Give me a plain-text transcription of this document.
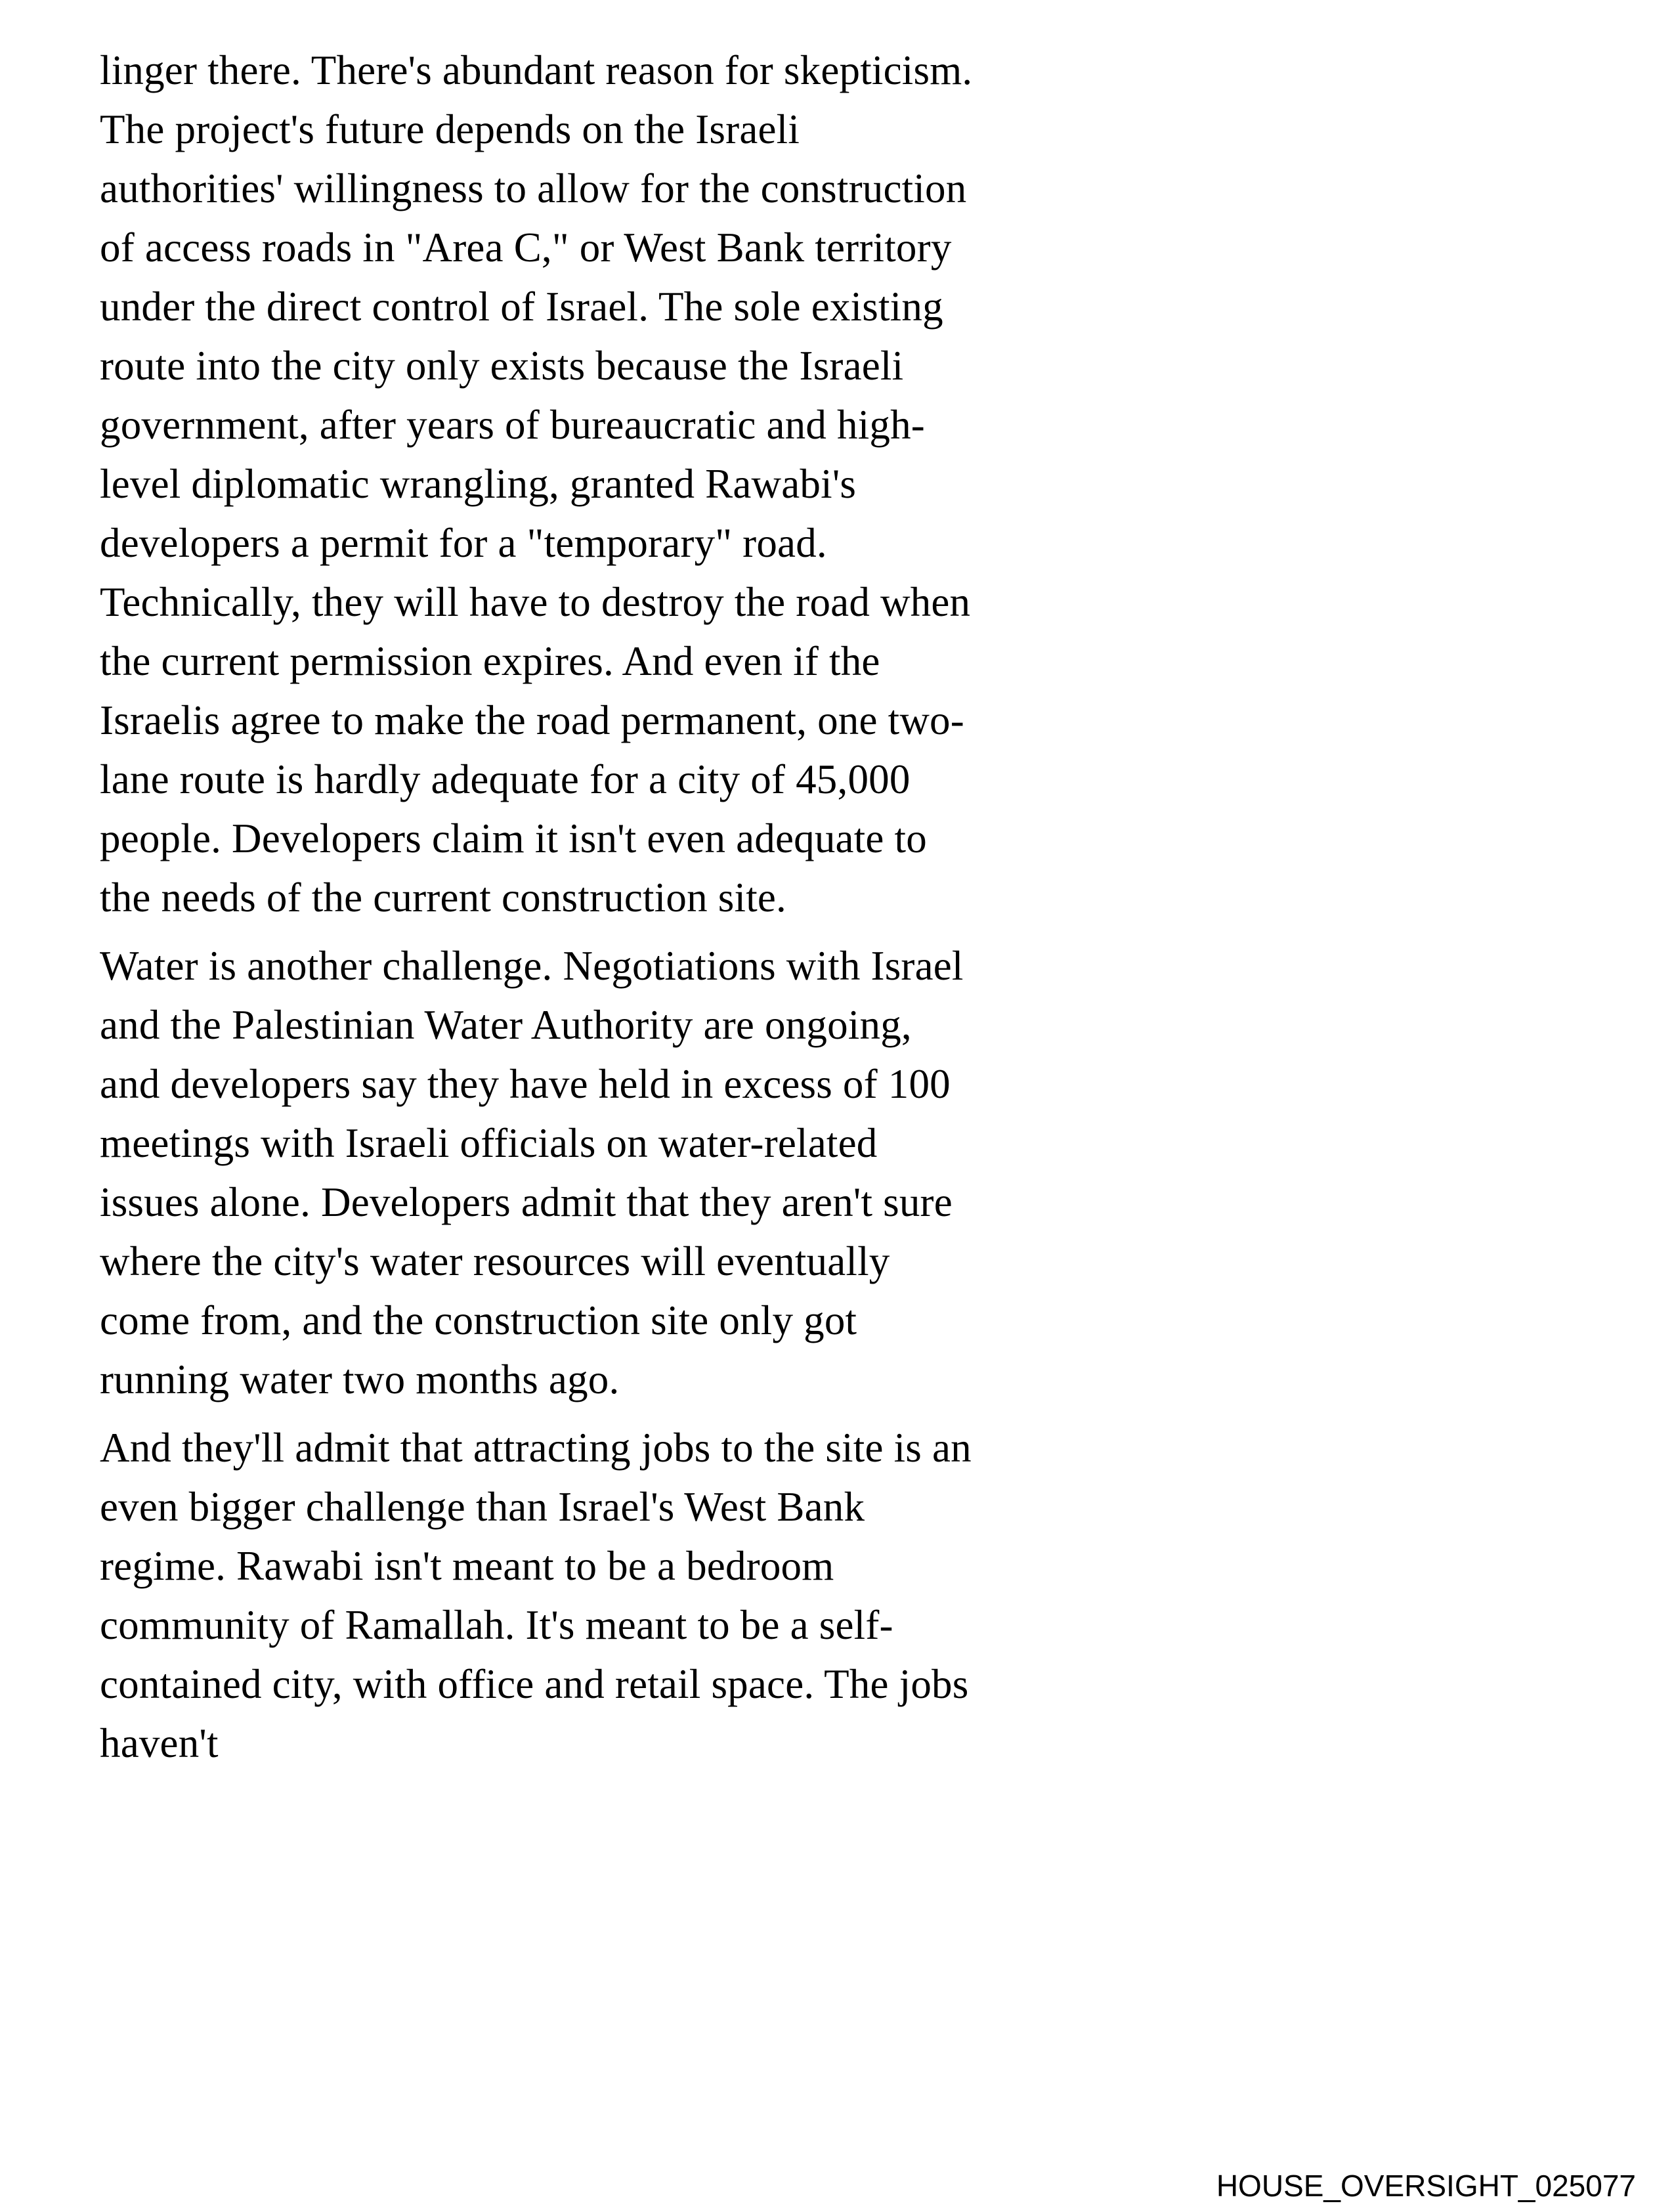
linger there. There's abundant reason for skepticism. The project's future depends on the Israeli authorities' willingness to allow for the construction of access roads in "Area C," or West Bank territory under the direct control of Israel. The sole existing route into the city only exists because the Israeli government, after years of bureaucratic and high-level diplomatic wrangling, granted Rawabi's developers a permit for a "temporary" road. Technically, they will have to destroy the road when the current permission expires. And even if the Israelis agree to make the road permanent, one two-lane route is hardly adequate for a city of 45,000 people. Developers claim it isn't even adequate to the needs of the current construction site.

Water is another challenge. Negotiations with Israel and the Palestinian Water Authority are ongoing, and developers say they have held in excess of 100 meetings with Israeli officials on water-related issues alone. Developers admit that they aren't sure where the city's water resources will eventually come from, and the construction site only got running water two months ago.

And they'll admit that attracting jobs to the site is an even bigger challenge than Israel's West Bank regime. Rawabi isn't meant to be a bedroom community of Ramallah. It's meant to be a self-contained city, with office and retail space. The jobs haven't

HOUSE_OVERSIGHT_025077
